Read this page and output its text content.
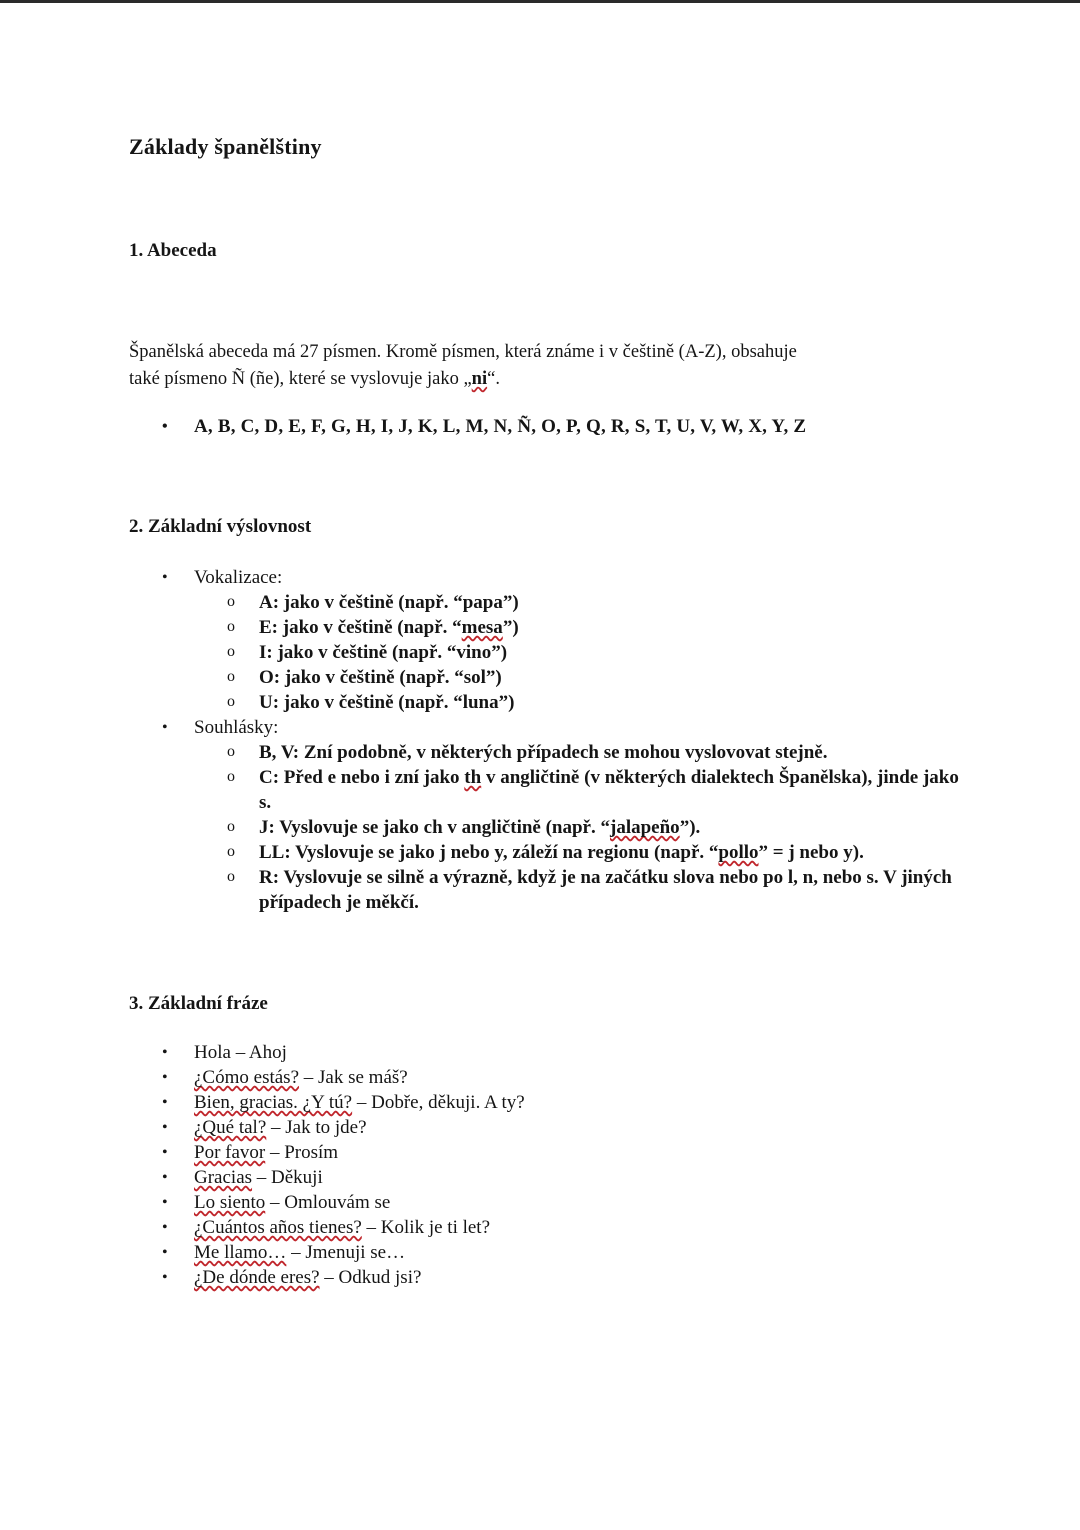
Základy španělštiny
1. Abeceda

Španělská abeceda má 27 písmen. Kromě písmen, která známe i v češtině (A-Z), obsahuje
také písmeno Ñ (ñe), které se vyslovuje jako „ni“.

• A, B, C, D, E, F, G, H, I, J, K, L, M, N, Ñ, O, P, Q, R, S, T, U, V, W, X, Y, Z
2. Základní výslovnost
• Vokalizace:
o A: jako v češtině (např. “papa”)
o E: jako v češtině (např. “mesa”)
o I: jako v češtině (např. “vino”)
o O: jako v češtině (např. “sol”)
o U: jako v češtině (např. “luna”)
• Souhlásky:
o B, V: Zní podobně, v některých případech se mohou vyslovovat stejně.
o C: Před e nebo i zní jako th v angličtině (v některých dialektech Španělska), jinde jako s.
o J: Vyslovuje se jako ch v angličtině (např. “jalapeño”).
o LL: Vyslovuje se jako j nebo y, záleží na regionu (např. “pollo” = j nebo y).
o R: Vyslovuje se silně a výrazně, když je na začátku slova nebo po l, n, nebo s. V jiných případech je měkčí.
3. Základní fráze
• Hola – Ahoj
• ¿Cómo estás? – Jak se máš?
• Bien, gracias. ¿Y tú? – Dobře, děkuji. A ty?
• ¿Qué tal? – Jak to jde?
• Por favor – Prosím
• Gracias – Děkuji
• Lo siento – Omlouvám se
• ¿Cuántos años tienes? – Kolik je ti let?
• Me llamo… – Jmenuji se…
• ¿De dónde eres? – Odkud jsi?
